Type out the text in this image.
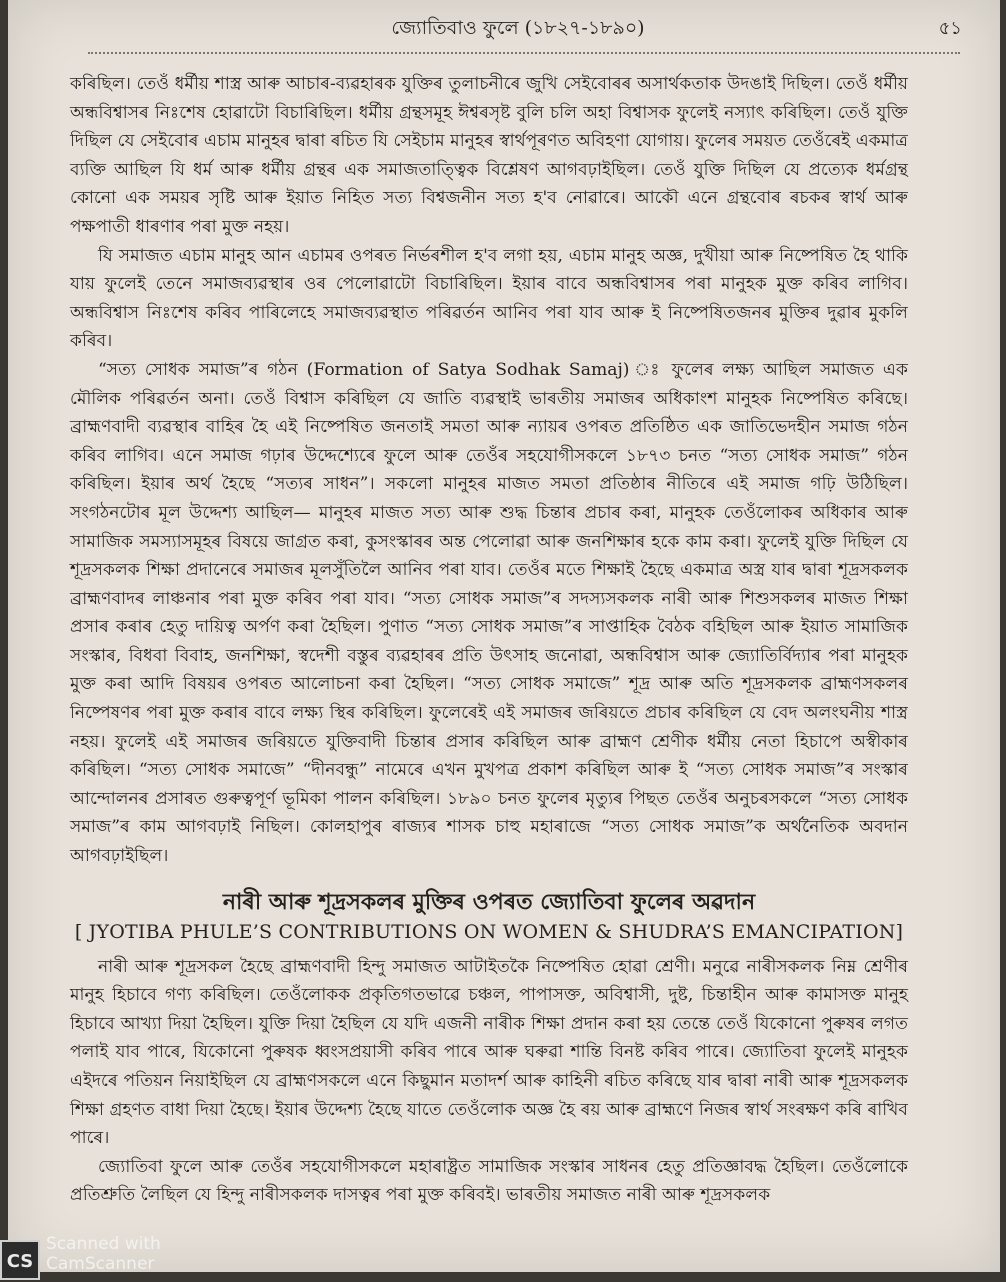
জ্যোতিবাও ফুলে (১৮২৭-১৮৯০)	৫১

কৰিছিল। তেওঁ ধৰ্মীয় শাস্ত্ৰ আৰু আচাৰ-ব্যৱহাৰক যুক্তিৰ তুলাচনীৰে জুখি সেইবোৰৰ অসাৰ্থকতাক উদঙাই দিছিল। তেওঁ ধৰ্মীয় অন্ধবিশ্বাসৰ নিঃশেষ হোৱাটো বিচাৰিছিল। ধৰ্মীয় গ্ৰন্থসমূহ ঈশ্বৰসৃষ্ট বুলি চলি অহা বিশ্বাসক ফুলেই নস্যাৎ কৰিছিল। তেওঁ যুক্তি দিছিল যে সেইবোৰ এচাম মানুহৰ দ্বাৰা ৰচিত যি সেইচাম মানুহৰ স্বাৰ্থপূৰণত অবিহণা যোগায়। ফুলেৰ সময়ত তেওঁৰেই একমাত্ৰ ব্যক্তি আছিল যি ধৰ্ম আৰু ধৰ্মীয় গ্ৰন্থৰ এক সমাজতাত্ত্বিক বিশ্লেষণ আগবঢ়াইছিল। তেওঁ যুক্তি দিছিল যে প্ৰত্যেক ধৰ্মগ্ৰন্থ কোনো এক সময়ৰ সৃষ্টি আৰু ইয়াত নিহিত সত্য বিশ্বজনীন সত্য হ'ব নোৱাৰে। আকৌ এনে গ্ৰন্থবোৰ ৰচকৰ স্বাৰ্থ আৰু পক্ষপাতী ধাৰণাৰ পৰা মুক্ত নহয়।

যি সমাজত এচাম মানুহ আন এচামৰ ওপৰত নিৰ্ভৰশীল হ'ব লগা হয়, এচাম মানুহ অজ্ঞ, দুখীয়া আৰু নিষ্পেষিত হৈ থাকি যায় ফুলেই তেনে সমাজব্যৱস্থাৰ ওৰ পেলোৱাটো বিচাৰিছিল। ইয়াৰ বাবে অন্ধবিশ্বাসৰ পৰা মানুহক মুক্ত কৰিব লাগিব। অন্ধবিশ্বাস নিঃশেষ কৰিব পাৰিলেহে সমাজব্যৱস্থাত পৰিৱৰ্তন আনিব পৰা যাব আৰু ই নিষ্পেষিতজনৰ মুক্তিৰ দুৱাৰ মুকলি কৰিব।

“সত্য সোধক সমাজ”ৰ গঠন (Formation of Satya Sodhak Samaj) ঃ ফুলেৰ লক্ষ্য আছিল সমাজত এক মৌলিক পৰিৱৰ্তন অনা। তেওঁ বিশ্বাস কৰিছিল যে জাতি ব্যৱস্থাই ভাৰতীয় সমাজৰ অধিকাংশ মানুহক নিষ্পেষিত কৰিছে। ব্ৰাহ্মণবাদী ব্যৱস্থাৰ বাহিৰ হৈ এই নিষ্পেষিত জনতাই সমতা আৰু ন্যায়ৰ ওপৰত প্ৰতিষ্ঠিত এক জাতিভেদহীন সমাজ গঠন কৰিব লাগিব। এনে সমাজ গঢ়াৰ উদ্দেশ্যেৰে ফুলে আৰু তেওঁৰ সহযোগীসকলে ১৮৭৩ চনত “সত্য সোধক সমাজ” গঠন কৰিছিল। ইয়াৰ অৰ্থ হৈছে “সত্যৰ সাধন”। সকলো মানুহৰ মাজত সমতা প্ৰতিষ্ঠাৰ নীতিৰে এই সমাজ গঢ়ি উঠিছিল। সংগঠনটোৰ মূল উদ্দেশ্য আছিল— মানুহৰ মাজত সত্য আৰু শুদ্ধ চিন্তাৰ প্ৰচাৰ কৰা, মানুহক তেওঁলোকৰ অধিকাৰ আৰু সামাজিক সমস্যাসমূহৰ বিষয়ে জাগ্ৰত কৰা, কুসংস্কাৰৰ অন্ত পেলোৱা আৰু জনশিক্ষাৰ হকে কাম কৰা। ফুলেই যুক্তি দিছিল যে শূদ্ৰসকলক শিক্ষা প্ৰদানেৰে সমাজৰ মূলসুঁতিলৈ আনিব পৰা যাব। তেওঁৰ মতে শিক্ষাই হৈছে একমাত্ৰ অস্ত্ৰ যাৰ দ্বাৰা শূদ্ৰসকলক ব্ৰাহ্মণবাদৰ লাঞ্চনাৰ পৰা মুক্ত কৰিব পৰা যাব। “সত্য সোধক সমাজ”ৰ সদস্যসকলক নাৰী আৰু শিশুসকলৰ মাজত শিক্ষা প্ৰসাৰ কৰাৰ হেতু দায়িত্ব অৰ্পণ কৰা হৈছিল। পুণাত “সত্য সোধক সমাজ”ৰ সাপ্তাহিক বৈঠক বহিছিল আৰু ইয়াত সামাজিক সংস্কাৰ, বিধবা বিবাহ, জনশিক্ষা, স্বদেশী বস্তুৰ ব্যৱহাৰৰ প্ৰতি উৎসাহ জনোৱা, অন্ধবিশ্বাস আৰু জ্যোতিৰ্বিদ্যাৰ পৰা মানুহক মুক্ত কৰা আদি বিষয়ৰ ওপৰত আলোচনা কৰা হৈছিল। “সত্য সোধক সমাজে” শূদ্ৰ আৰু অতি শূদ্ৰসকলক ব্ৰাহ্মণসকলৰ নিষ্পেষণৰ পৰা মুক্ত কৰাৰ বাবে লক্ষ্য স্থিৰ কৰিছিল। ফুলেৰেই এই সমাজৰ জৰিয়তে প্ৰচাৰ কৰিছিল যে বেদ অলংঘনীয় শাস্ত্ৰ নহয়। ফুলেই এই সমাজৰ জৰিয়তে যুক্তিবাদী চিন্তাৰ প্ৰসাৰ কৰিছিল আৰু ব্ৰাহ্মণ শ্ৰেণীক ধৰ্মীয় নেতা হিচাপে অস্বীকাৰ কৰিছিল। “সত্য সোধক সমাজে” “দীনবন্ধু” নামেৰে এখন মুখপত্ৰ প্ৰকাশ কৰিছিল আৰু ই “সত্য সোধক সমাজ”ৰ সংস্কাৰ আন্দোলনৰ প্ৰসাৰত গুৰুত্বপূৰ্ণ ভূমিকা পালন কৰিছিল। ১৮৯০ চনত ফুলেৰ মৃত্যুৰ পিছত তেওঁৰ অনুচৰসকলে “সত্য সোধক সমাজ”ৰ কাম আগবঢ়াই নিছিল। কোলহাপুৰ ৰাজ্যৰ শাসক চাহু মহাৰাজে “সত্য সোধক সমাজ”ক অৰ্থনৈতিক অবদান আগবঢ়াইছিল।

নাৰী আৰু শূদ্ৰসকলৰ মুক্তিৰ ওপৰত জ্যোতিবা ফুলেৰ অৱদান
[ JYOTIBA PHULE’S CONTRIBUTIONS ON WOMEN & SHUDRA’S EMANCIPATION]

নাৰী আৰু শূদ্ৰসকল হৈছে ব্ৰাহ্মণবাদী হিন্দু সমাজত আটাইতকৈ নিষ্পেষিত হোৱা শ্ৰেণী। মনুৱে নাৰীসকলক নিম্ন শ্ৰেণীৰ মানুহ হিচাবে গণ্য কৰিছিল। তেওঁলোকক প্ৰকৃতিগতভাৱে চঞ্চল, পাপাসক্ত, অবিশ্বাসী, দুষ্ট, চিন্তাহীন আৰু কামাসক্ত মানুহ হিচাবে আখ্যা দিয়া হৈছিল। যুক্তি দিয়া হৈছিল যে যদি এজনী নাৰীক শিক্ষা প্ৰদান কৰা হয় তেন্তে তেওঁ যিকোনো পুৰুষৰ লগত পলাই যাব পাৰে, যিকোনো পুৰুষক ধ্বংসপ্ৰয়াসী কৰিব পাৰে আৰু ঘৰুৱা শান্তি বিনষ্ট কৰিব পাৰে। জ্যোতিবা ফুলেই মানুহক এইদৰে পতিয়ন নিয়াইছিল যে ব্ৰাহ্মণসকলে এনে কিছুমান মতাদৰ্শ আৰু কাহিনী ৰচিত কৰিছে যাৰ দ্বাৰা নাৰী আৰু শূদ্ৰসকলক শিক্ষা গ্ৰহণত বাধা দিয়া হৈছে। ইয়াৰ উদ্দেশ্য হৈছে যাতে তেওঁলোক অজ্ঞ হৈ ৰয় আৰু ব্ৰাহ্মণে নিজৰ স্বাৰ্থ সংৰক্ষণ কৰি ৰাখিব পাৰে।

জ্যোতিবা ফুলে আৰু তেওঁৰ সহযোগীসকলে মহাৰাষ্ট্ৰত সামাজিক সংস্কাৰ সাধনৰ হেতু প্ৰতিজ্ঞাবদ্ধ হৈছিল। তেওঁলোকে প্ৰতিশ্ৰুতি লৈছিল যে হিন্দু নাৰীসকলক দাসত্বৰ পৰা মুক্ত কৰিবই। ভাৰতীয় সমাজত নাৰী আৰু শূদ্ৰসকলক

CS
Scanned with CamScanner
